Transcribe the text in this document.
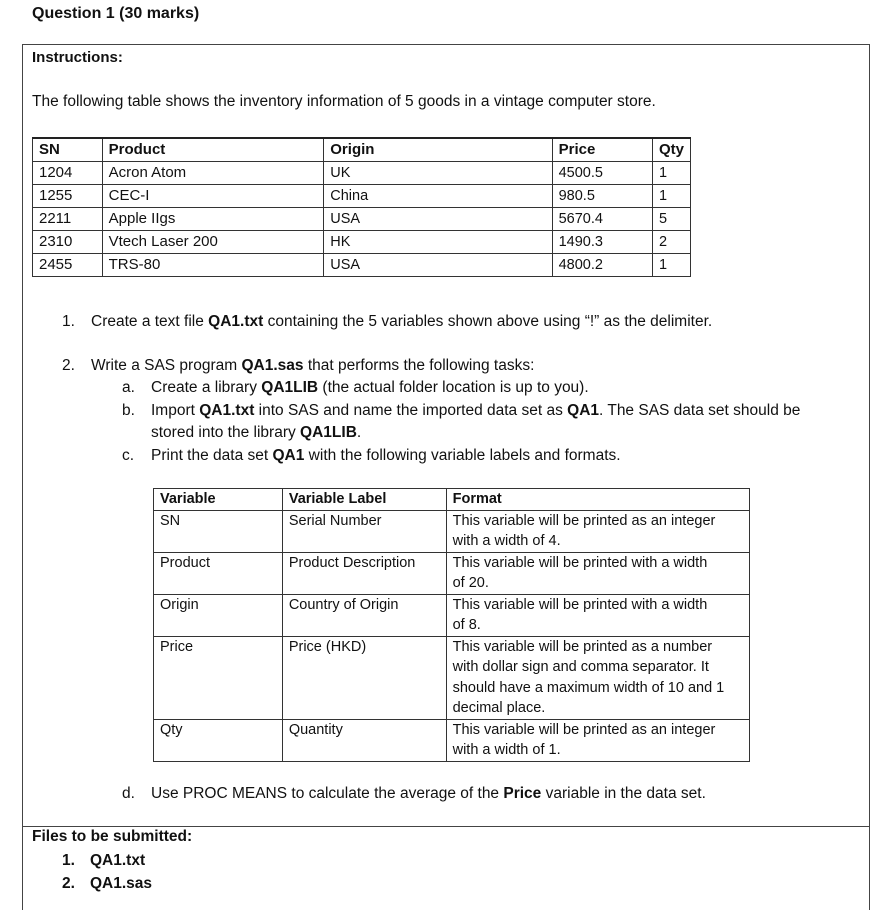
Question 1 (30 marks)
Instructions:
The following table shows the inventory information of 5 goods in a vintage computer store.
SN	Product	Origin	Price	Qty
1204	Acron Atom	UK	4500.5	1
1255	CEC-I	China	980.5	1
2211	Apple IIgs	USA	5670.4	5
2310	Vtech Laser 200	HK	1490.3	2
2455	TRS-80	USA	4800.2	1
1. Create a text file QA1.txt containing the 5 variables shown above using “!” as the delimiter.
2. Write a SAS program QA1.sas that performs the following tasks:
a. Create a library QA1LIB (the actual folder location is up to you).
b. Import QA1.txt into SAS and name the imported data set as QA1. The SAS data set should be
stored into the library QA1LIB.
c. Print the data set QA1 with the following variable labels and formats.
Variable	Variable Label	Format
SN	Serial Number	This variable will be printed as an integer
with a width of 4.

Product	Product Description	This variable will be printed with a width
of 20.

Origin	Country of Origin	This variable will be printed with a width
of 8.

Price	Price (HKD)	This variable will be printed as a number
with dollar sign and comma separator. It
should have a maximum width of 10 and 1
decimal place.

Qty	Quantity	This variable will be printed as an integer
with a width of 1.
d. Use PROC MEANS to calculate the average of the Price variable in the data set.
Files to be submitted:
1. QA1.txt
2. QA1.sas
